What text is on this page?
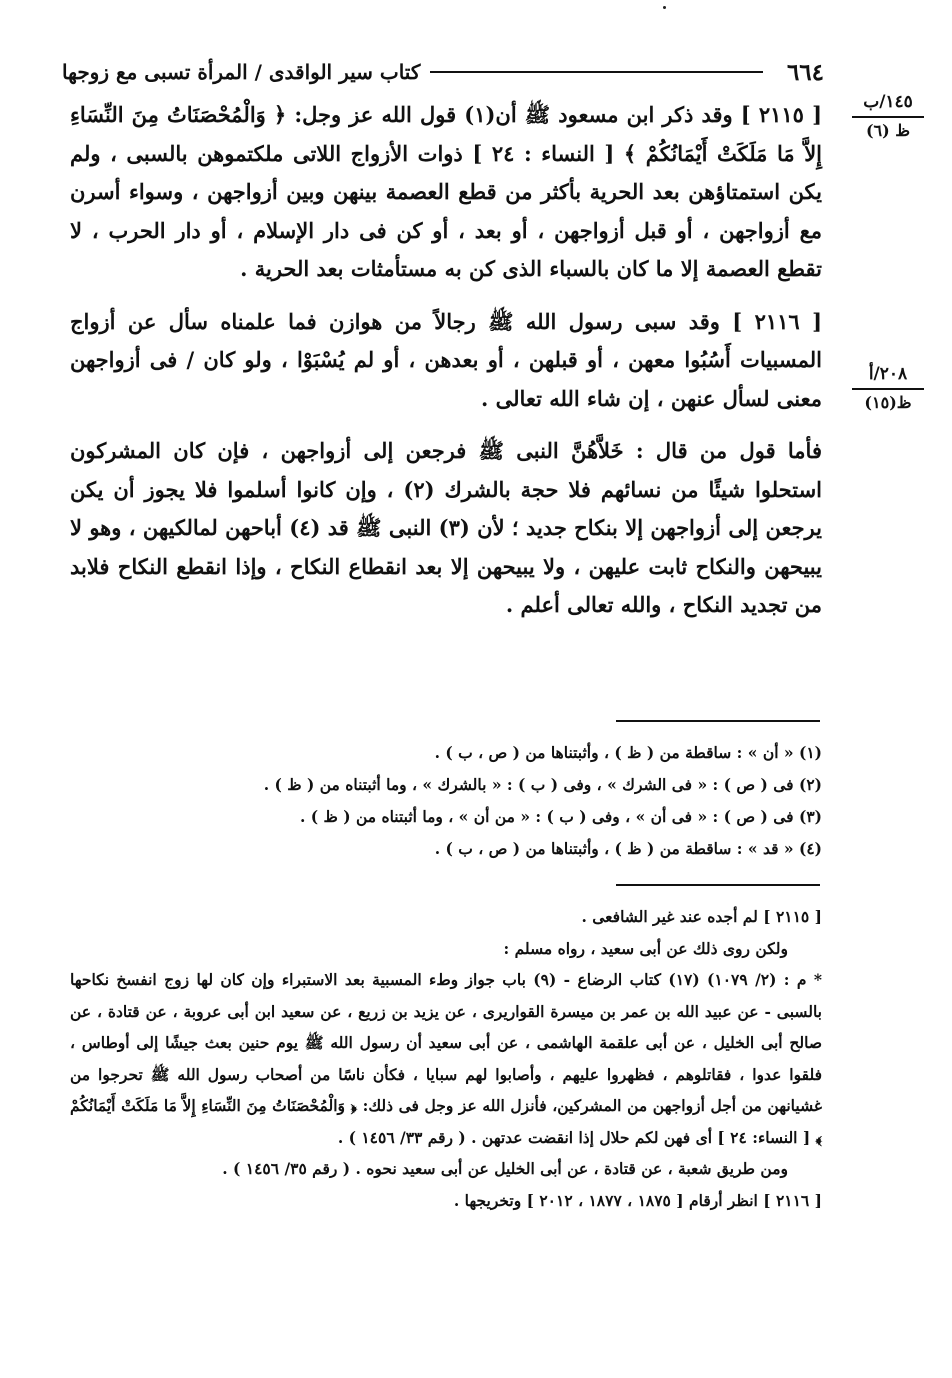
٦٦٤
كتاب سير الواقدى / المرأة تسبى مع زوجها
١٤٥/ب
ظ (٦)
٢٠٨/أ
ظ(١٥)

[ ٢١١٥ ] وقد ذكر ابن مسعود ﷺ أن(١) قول الله عز وجل: ﴿ وَالْمُحْصَنَاتُ مِنَ النِّسَاءِ إِلاَّ مَا مَلَكَتْ أَيْمَانُكُمْ ﴾ [ النساء : ٢٤ ] ذوات الأزواج اللاتى ملكتموهن بالسبى ، ولم يكن استمتاؤهن بعد الحرية بأكثر من قطع العصمة بينهن وبين أزواجهن ، وسواء أسرن مع أزواجهن ، أو قبل أزواجهن ، أو بعد ، أو كن فى دار الإسلام ، أو دار الحرب ، لا تقطع العصمة إلا ما كان بالسباء الذى كن به مستأمثات بعد الحرية .

[ ٢١١٦ ] وقد سبى رسول الله ﷺ رجالاً من هوازن فما علمناه سأل عن أزواج المسبيات أَسُبُوا معهن ، أو قبلهن ، أو بعدهن ، أو لم يُسْبَوْا ، ولو كان / فى أزواجهن معنى لسأل عنهن ، إن شاء الله تعالى .

فأما قول من قال : خَلاَّهُنَّ النبى ﷺ فرجعن إلى أزواجهن ، فإن كان المشركون استحلوا شيئًا من نسائهم فلا حجة بالشرك (٢) ، وإن كانوا أسلموا فلا يجوز أن يكن يرجعن إلى أزواجهن إلا بنكاح جديد ؛ لأن (٣) النبى ﷺ قد (٤) أباحهن لمالكيهن ، وهو لا يبيحهن والنكاح ثابت عليهن ، ولا يبيحهن إلا بعد انقطاع النكاح ، وإذا انقطع النكاح فلابد من تجديد النكاح ، والله تعالى أعلم .

(١) « أن » : ساقطة من ( ظ ) ، وأثبتناها من ( ص ، ب ) .
(٢) فى ( ص ) : « فى الشرك » ، وفى ( ب ) : « بالشرك » ، وما أثبتناه من ( ظ ) .
(٣) فى ( ص ) : « فى أن » ، وفى ( ب ) : « من أن » ، وما أثبتناه من ( ظ ) .
(٤) « قد » : ساقطة من ( ظ ) ، وأثبتناها من ( ص ، ب ) .
[ ٢١١٥ ] لم أجده عند غير الشافعى .
ولكن روى ذلك عن أبى سعيد ، رواه مسلم :
* م : (٢/ ١٠٧٩) (١٧) كتاب الرضاع - (٩) باب جواز وطء المسبية بعد الاستبراء وإن كان لها زوج انفسخ نكاحها بالسبى - عن عبيد الله بن عمر بن ميسرة القواريرى ، عن يزيد بن زريع ، عن سعيد ابن أبى عروبة ، عن قتادة ، عن صالح أبى الخليل ، عن أبى علقمة الهاشمى ، عن أبى سعيد أن رسول الله ﷺ يوم حنين بعث جيشًا إلى أوطاس ، فلقوا عدوا ، فقاتلوهم ، فظهروا عليهم ، وأصابوا لهم سبايا ، فكأن ناسًا من أصحاب رسول الله ﷺ تحرجوا من غشيانهن من أجل أزواجهن من المشركين، فأنزل الله عز وجل فى ذلك: ﴿ وَالْمُحْصَنَاتُ مِنَ النِّسَاءِ إِلاَّ مَا مَلَكَتْ أَيْمَانُكُمْ ﴾ [ النساء: ٢٤ ] أى فهن لكم حلال إذا انقضت عدتهن . ( رقم ٣٣/ ١٤٥٦ ) .
ومن طريق شعبة ، عن قتادة ، عن أبى الخليل عن أبى سعيد نحوه . ( رقم ٣٥/ ١٤٥٦ ) .
[ ٢١١٦ ] انظر أرقام [ ١٨٧٥ ، ١٨٧٧ ، ٢٠١٢ ] وتخريجها .
